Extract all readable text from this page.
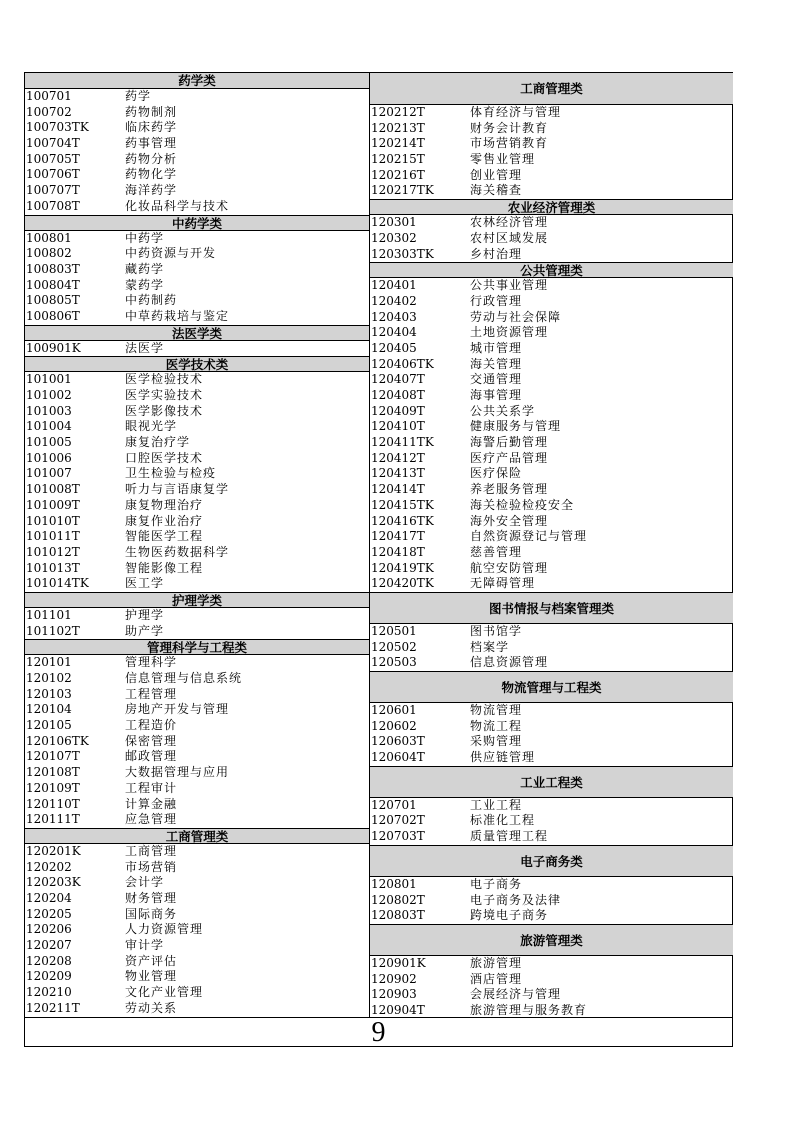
药学类
100701	药学
100702	药物制剂
100703TK	临床药学
100704T	药事管理
100705T	药物分析
100706T	药物化学
100707T	海洋药学
100708T	化妆品科学与技术
中药学类
100801	中药学
100802	中药资源与开发
100803T	藏药学
100804T	蒙药学
100805T	中药制药
100806T	中草药栽培与鉴定
法医学类
100901K	法医学
医学技术类
101001	医学检验技术
101002	医学实验技术
101003	医学影像技术
101004	眼视光学
101005	康复治疗学
101006	口腔医学技术
101007	卫生检验与检疫
101008T	听力与言语康复学
101009T	康复物理治疗
101010T	康复作业治疗
101011T	智能医学工程
101012T	生物医药数据科学
101013T	智能影像工程
101014TK	医工学
护理学类
101101	护理学
101102T	助产学
管理科学与工程类
120101	管理科学
120102	信息管理与信息系统
120103	工程管理
120104	房地产开发与管理
120105	工程造价
120106TK	保密管理
120107T	邮政管理
120108T	大数据管理与应用
120109T	工程审计
120110T	计算金融
120111T	应急管理
工商管理类
120201K	工商管理
120202	市场营销
120203K	会计学
120204	财务管理
120205	国际商务
120206	人力资源管理
120207	审计学
120208	资产评估
120209	物业管理
120210	文化产业管理
120211T	劳动关系
工商管理类
120212T	体育经济与管理
120213T	财务会计教育
120214T	市场营销教育
120215T	零售业管理
120216T	创业管理
120217TK	海关稽查
农业经济管理类
120301	农林经济管理
120302	农村区域发展
120303TK	乡村治理
公共管理类
120401	公共事业管理
120402	行政管理
120403	劳动与社会保障
120404	土地资源管理
120405	城市管理
120406TK	海关管理
120407T	交通管理
120408T	海事管理
120409T	公共关系学
120410T	健康服务与管理
120411TK	海警后勤管理
120412T	医疗产品管理
120413T	医疗保险
120414T	养老服务管理
120415TK	海关检验检疫安全
120416TK	海外安全管理
120417T	自然资源登记与管理
120418T	慈善管理
120419TK	航空安防管理
120420TK	无障碍管理
图书情报与档案管理类
120501	图书馆学
120502	档案学
120503	信息资源管理
物流管理与工程类
120601	物流管理
120602	物流工程
120603T	采购管理
120604T	供应链管理
工业工程类
120701	工业工程
120702T	标准化工程
120703T	质量管理工程
电子商务类
120801	电子商务
120802T	电子商务及法律
120803T	跨境电子商务
旅游管理类
120901K	旅游管理
120902	酒店管理
120903	会展经济与管理
120904T	旅游管理与服务教育
9
